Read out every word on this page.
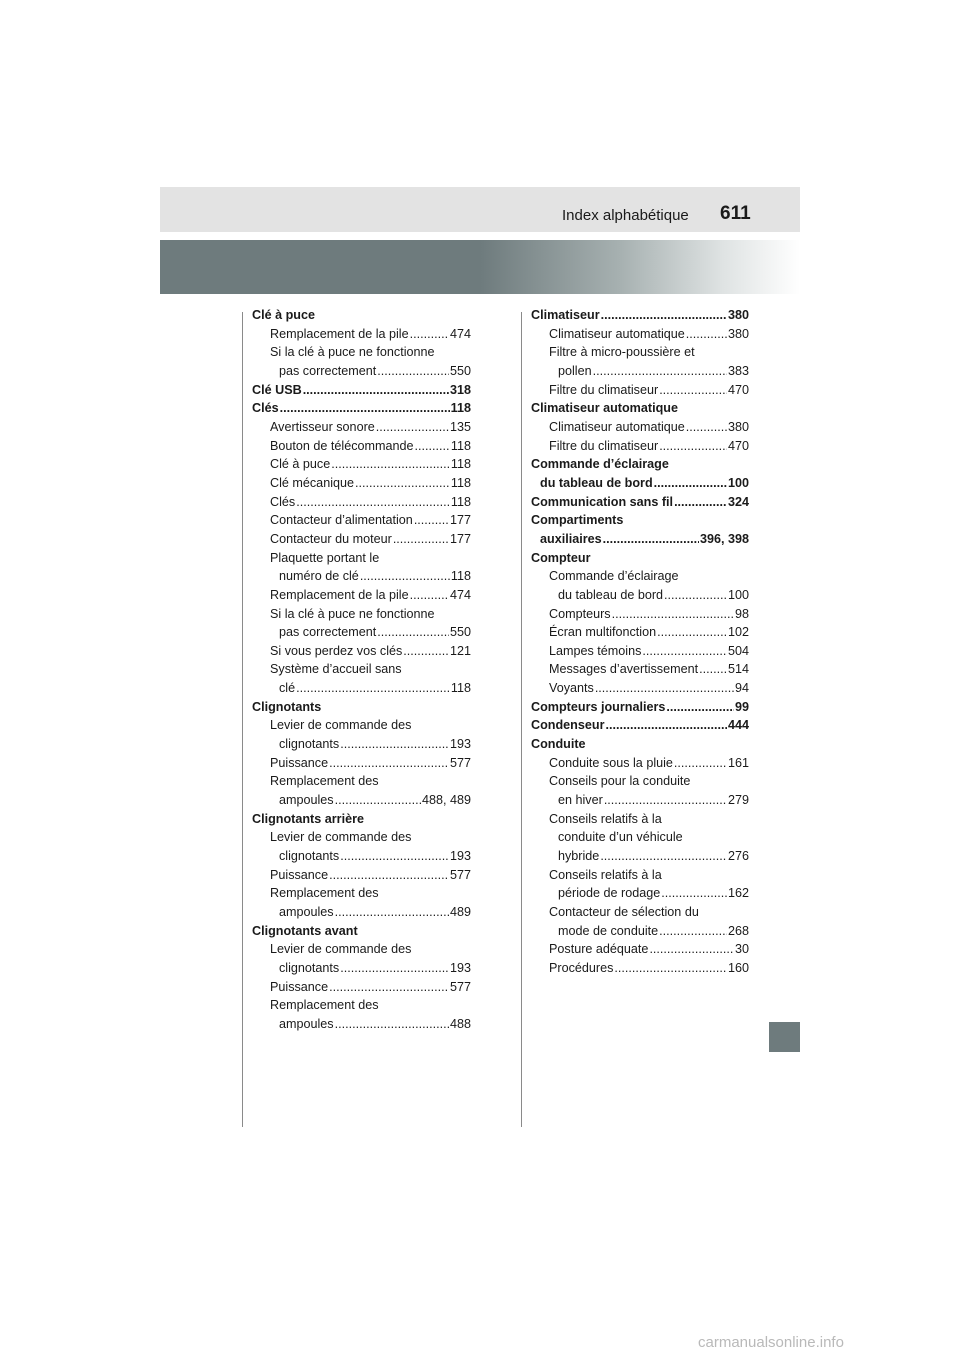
Index alphabétique 611
Clé à puce
Remplacement de la pile .....	474
Si la clé à puce ne fonctionne
pas correctement .....	550
Clé USB .....	318
Clés .....	118
Avertisseur sonore .....	135
Bouton de télécommande .....	118
Clé à puce .....	118
Clé mécanique .....	118
Clés .....	118
Contacteur d’alimentation .....	177
Contacteur du moteur .....	177
Plaquette portant le
numéro de clé .....	118
Remplacement de la pile .....	474
Si la clé à puce ne fonctionne
pas correctement .....	550
Si vous perdez vos clés .....	121
Système d’accueil sans
clé .....	118
Clignotants
Levier de commande des
clignotants .....	193
Puissance .....	577
Remplacement des
ampoules .....	488, 489
Clignotants arrière
Levier de commande des
clignotants .....	193
Puissance .....	577
Remplacement des
ampoules .....	489
Clignotants avant
Levier de commande des
clignotants .....	193
Puissance .....	577
Remplacement des
ampoules .....	488
Climatiseur .....	380
Climatiseur automatique .....	380
Filtre à micro-poussière et
pollen .....	383
Filtre du climatiseur .....	470
Climatiseur automatique
Climatiseur automatique .....	380
Filtre du climatiseur .....	470
Commande d’éclairage
du tableau de bord .....	100
Communication sans fil .....	324
Compartiments
auxiliaires .....	396, 398
Compteur
Commande d’éclairage
du tableau de bord .....	100
Compteurs .....	98
Écran multifonction .....	102
Lampes témoins .....	504
Messages d’avertissement ..... 514
Voyants .....	94
Compteurs journaliers .....	99
Condenseur .....	444
Conduite
Conduite sous la pluie .....	161
Conseils pour la conduite
en hiver .....	279
Conseils relatifs à la
conduite d’un véhicule
hybride .....	276
Conseils relatifs à la
période de rodage .....	162
Contacteur de sélection du
mode de conduite .....	268
Posture adéquate .....	30
Procédures .....	160
carmanualsonline.info
